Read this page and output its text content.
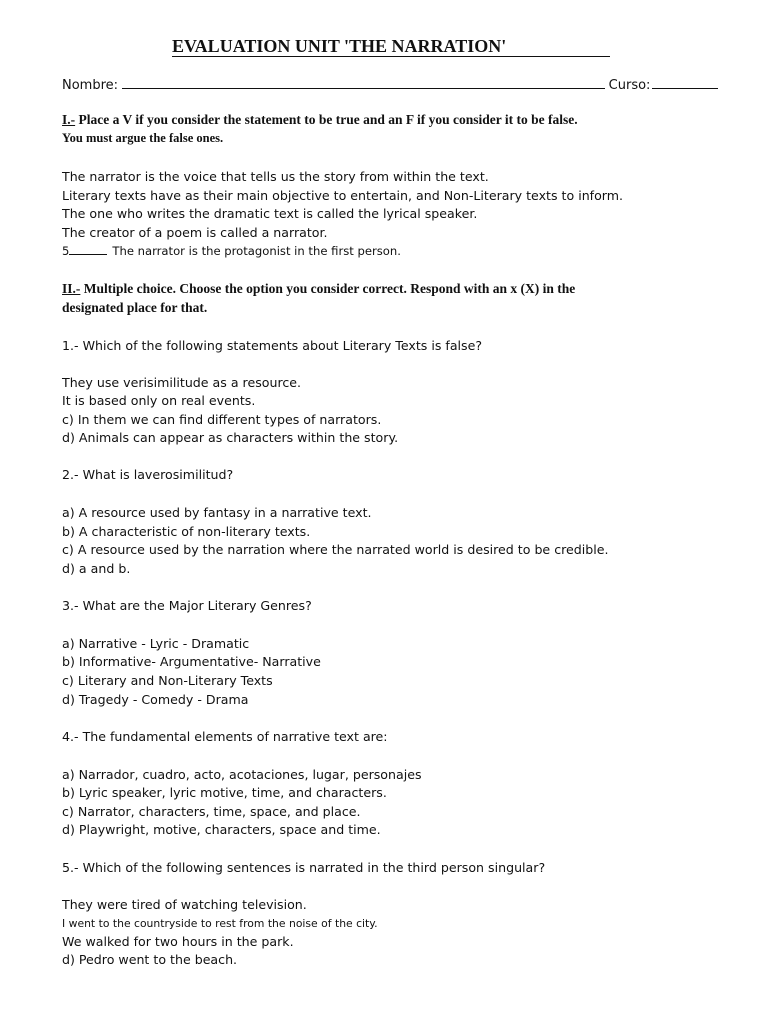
EVALUATION UNIT 'THE NARRATION'
Nombre:	Curso:
I.- Place a V if you consider the statement to be true and an F if you consider it to be false.
You must argue the false ones.
The narrator is the voice that tells us the story from within the text.
Literary texts have as their main objective to entertain, and Non-Literary texts to inform.
The one who writes the dramatic text is called the lyrical speaker.
The creator of a poem is called a narrator.
5	The narrator is the protagonist in the first person.
II.- Multiple choice. Choose the option you consider correct. Respond with an x (X) in the
designated place for that.
1.- Which of the following statements about Literary Texts is false?
They use verisimilitude as a resource.
It is based only on real events.
c) In them we can find different types of narrators.
d) Animals can appear as characters within the story.
2.- What is laverosimilitud?
a) A resource used by fantasy in a narrative text.
b) A characteristic of non-literary texts.
c) A resource used by the narration where the narrated world is desired to be credible.
d) a and b.
3.- What are the Major Literary Genres?
a) Narrative - Lyric - Dramatic
b) Informative- Argumentative- Narrative
c) Literary and Non-Literary Texts
d) Tragedy - Comedy - Drama
4.- The fundamental elements of narrative text are:
a) Narrador, cuadro, acto, acotaciones, lugar, personajes
b) Lyric speaker, lyric motive, time, and characters.
c) Narrator, characters, time, space, and place.
d) Playwright, motive, characters, space and time.
5.- Which of the following sentences is narrated in the third person singular?
They were tired of watching television.
I went to the countryside to rest from the noise of the city.
We walked for two hours in the park.
d) Pedro went to the beach.
